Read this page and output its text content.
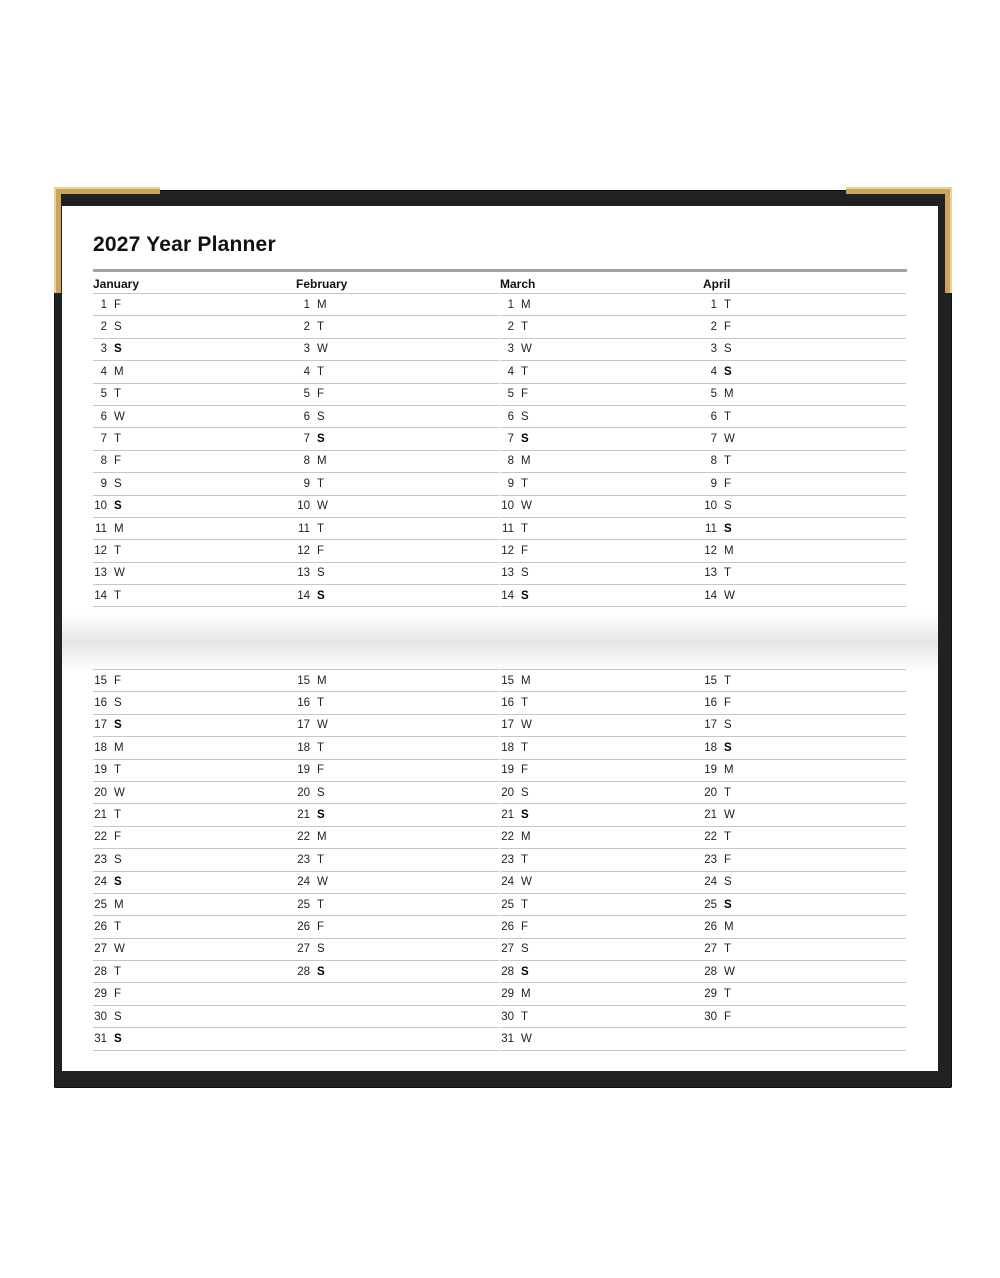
2027 Year Planner
January
1 F
2 S
3 S
4 M
5 T
6 W
7 T
8 F
9 S
10 S
11 M
12 T
13 W
14 T
February
1 M
2 T
3 W
4 T
5 F
6 S
7 S
8 M
9 T
10 W
11 T
12 F
13 S
14 S
March
1 M
2 T
3 W
4 T
5 F
6 S
7 S
8 M
9 T
10 W
11 T
12 F
13 S
14 S
April
1 T
2 F
3 S
4 S
5 M
6 T
7 W
8 T
9 F
10 S
11 S
12 M
13 T
14 W
15 F
16 S
17 S
18 M
19 T
20 W
21 T
22 F
23 S
24 S
25 M
26 T
27 W
28 T
29 F
30 S
31 S
15 M
16 T
17 W
18 T
19 F
20 S
21 S
22 M
23 T
24 W
25 T
26 F
27 S
28 S
15 M
16 T
17 W
18 T
19 F
20 S
21 S
22 M
23 T
24 W
25 T
26 F
27 S
28 S
29 M
30 T
31 W
15 T
16 F
17 S
18 S
19 M
20 T
21 W
22 T
23 F
24 S
25 S
26 M
27 T
28 W
29 T
30 F
